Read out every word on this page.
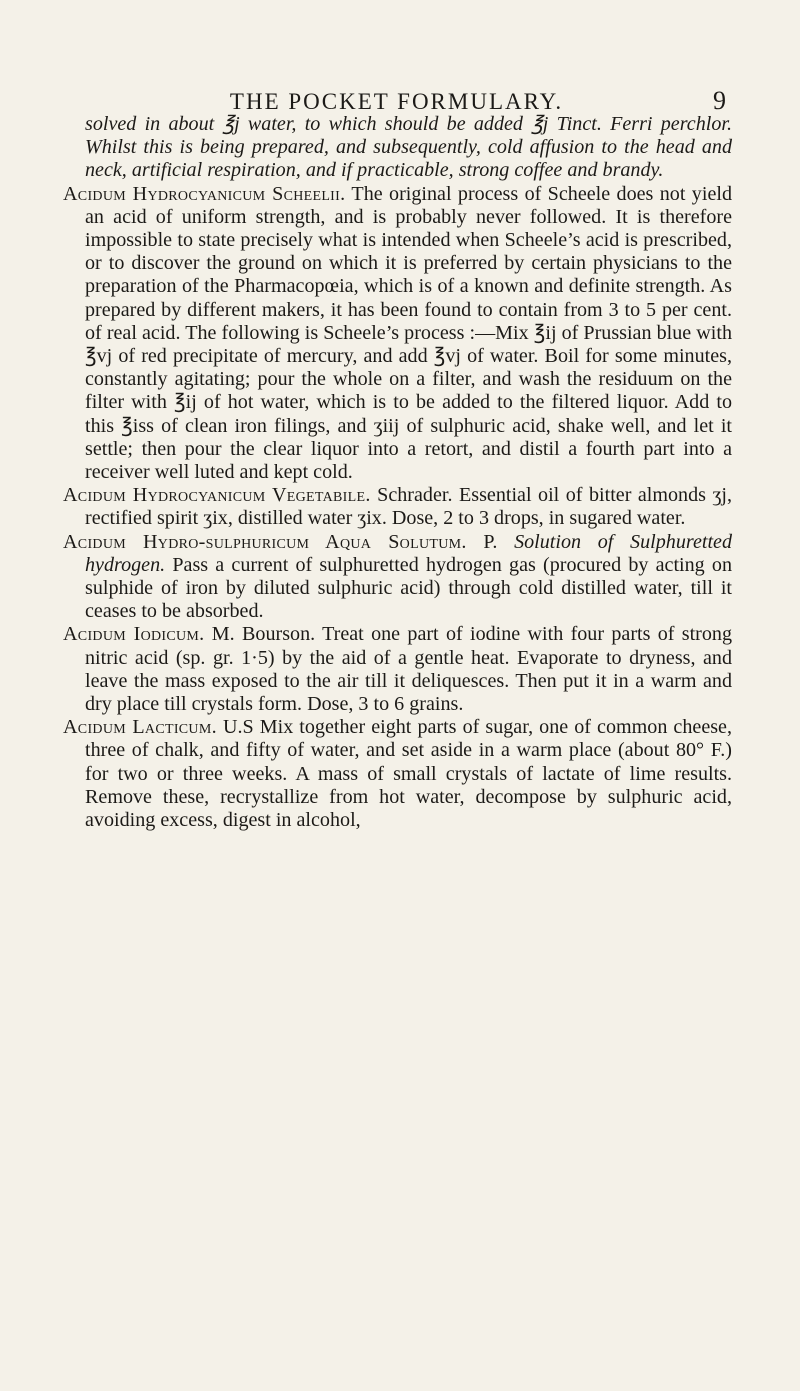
THE POCKET FORMULARY.	9

solved in about ℥j water, to which should be added ℥j Tinct. Ferri perchlor. Whilst this is being prepared, and subsequently, cold affusion to the head and neck, artificial respiration, and if practicable, strong coffee and brandy.

Acidum Hydrocyanicum Scheelii. The original process of Scheele does not yield an acid of uniform strength, and is probably never followed. It is therefore impossible to state precisely what is intended when Scheele’s acid is prescribed, or to discover the ground on which it is preferred by certain physicians to the preparation of the Pharmacopœia, which is of a known and definite strength. As prepared by different makers, it has been found to contain from 3 to 5 per cent. of real acid. The following is Scheele’s process :—Mix ℥ij of Prussian blue with ℥vj of red precipitate of mercury, and add ℥vj of water. Boil for some minutes, constantly agitating; pour the whole on a filter, and wash the residuum on the filter with ℥ij of hot water, which is to be added to the filtered liquor. Add to this ℥iss of clean iron filings, and ʒiij of sulphuric acid, shake well, and let it settle; then pour the clear liquor into a retort, and distil a fourth part into a receiver well luted and kept cold.

Acidum Hydrocyanicum Vegetabile. Schrader. Essential oil of bitter almonds ʒj, rectified spirit ʒix, distilled water ʒix. Dose, 2 to 3 drops, in sugared water.

Acidum Hydro-sulphuricum Aqua Solutum. P. Solution of Sulphuretted hydrogen. Pass a current of sulphuretted hydrogen gas (procured by acting on sulphide of iron by diluted sulphuric acid) through cold distilled water, till it ceases to be absorbed.

Acidum Iodicum. M. Bourson. Treat one part of iodine with four parts of strong nitric acid (sp. gr. 1·5) by the aid of a gentle heat. Evaporate to dryness, and leave the mass exposed to the air till it deliquesces. Then put it in a warm and dry place till crystals form. Dose, 3 to 6 grains.

Acidum Lacticum. U.S Mix together eight parts of sugar, one of common cheese, three of chalk, and fifty of water, and set aside in a warm place (about 80° F.) for two or three weeks. A mass of small crystals of lactate of lime results. Remove these, recrystallize from hot water, decompose by sulphuric acid, avoiding excess, digest in alcohol,
